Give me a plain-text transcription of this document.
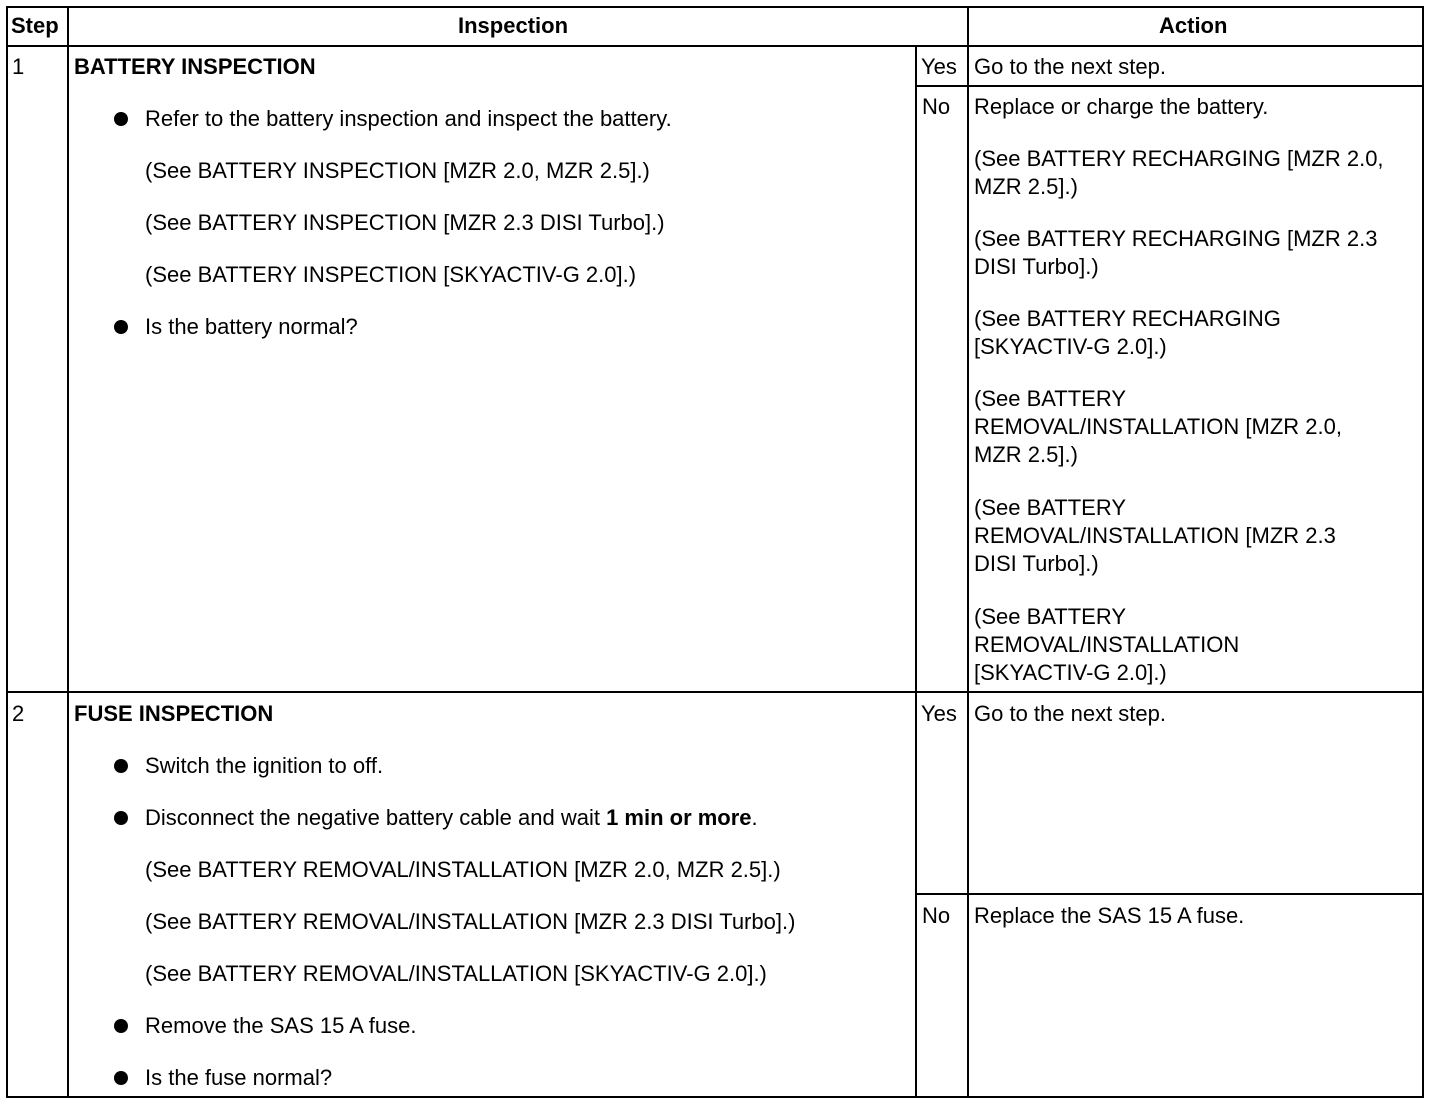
Step	Inspection	Action
1 BATTERY INSPECTION
Refer to the battery inspection and inspect the battery.
(See BATTERY INSPECTION [MZR 2.0, MZR 2.5].)
(See BATTERY INSPECTION [MZR 2.3 DISI Turbo].)
(See BATTERY INSPECTION [SKYACTIV-G 2.0].)
Is the battery normal?
Yes Go to the next step.
No Replace or charge the battery.
(See BATTERY RECHARGING [MZR 2.0,
MZR 2.5].)
(See BATTERY RECHARGING [MZR 2.3
DISI Turbo].)
(See BATTERY RECHARGING
[SKYACTIV-G 2.0].)
(See BATTERY
REMOVAL/INSTALLATION [MZR 2.0,
MZR 2.5].)
(See BATTERY
REMOVAL/INSTALLATION [MZR 2.3
DISI Turbo].)
(See BATTERY
REMOVAL/INSTALLATION
[SKYACTIV-G 2.0].)
2 FUSE INSPECTION
Switch the ignition to off.
Disconnect the negative battery cable and wait 1 min or more.
(See BATTERY REMOVAL/INSTALLATION [MZR 2.0, MZR 2.5].)
(See BATTERY REMOVAL/INSTALLATION [MZR 2.3 DISI Turbo].)
(See BATTERY REMOVAL/INSTALLATION [SKYACTIV-G 2.0].)
Remove the SAS 15 A fuse.
Is the fuse normal?
Yes Go to the next step.
No Replace the SAS 15 A fuse.
